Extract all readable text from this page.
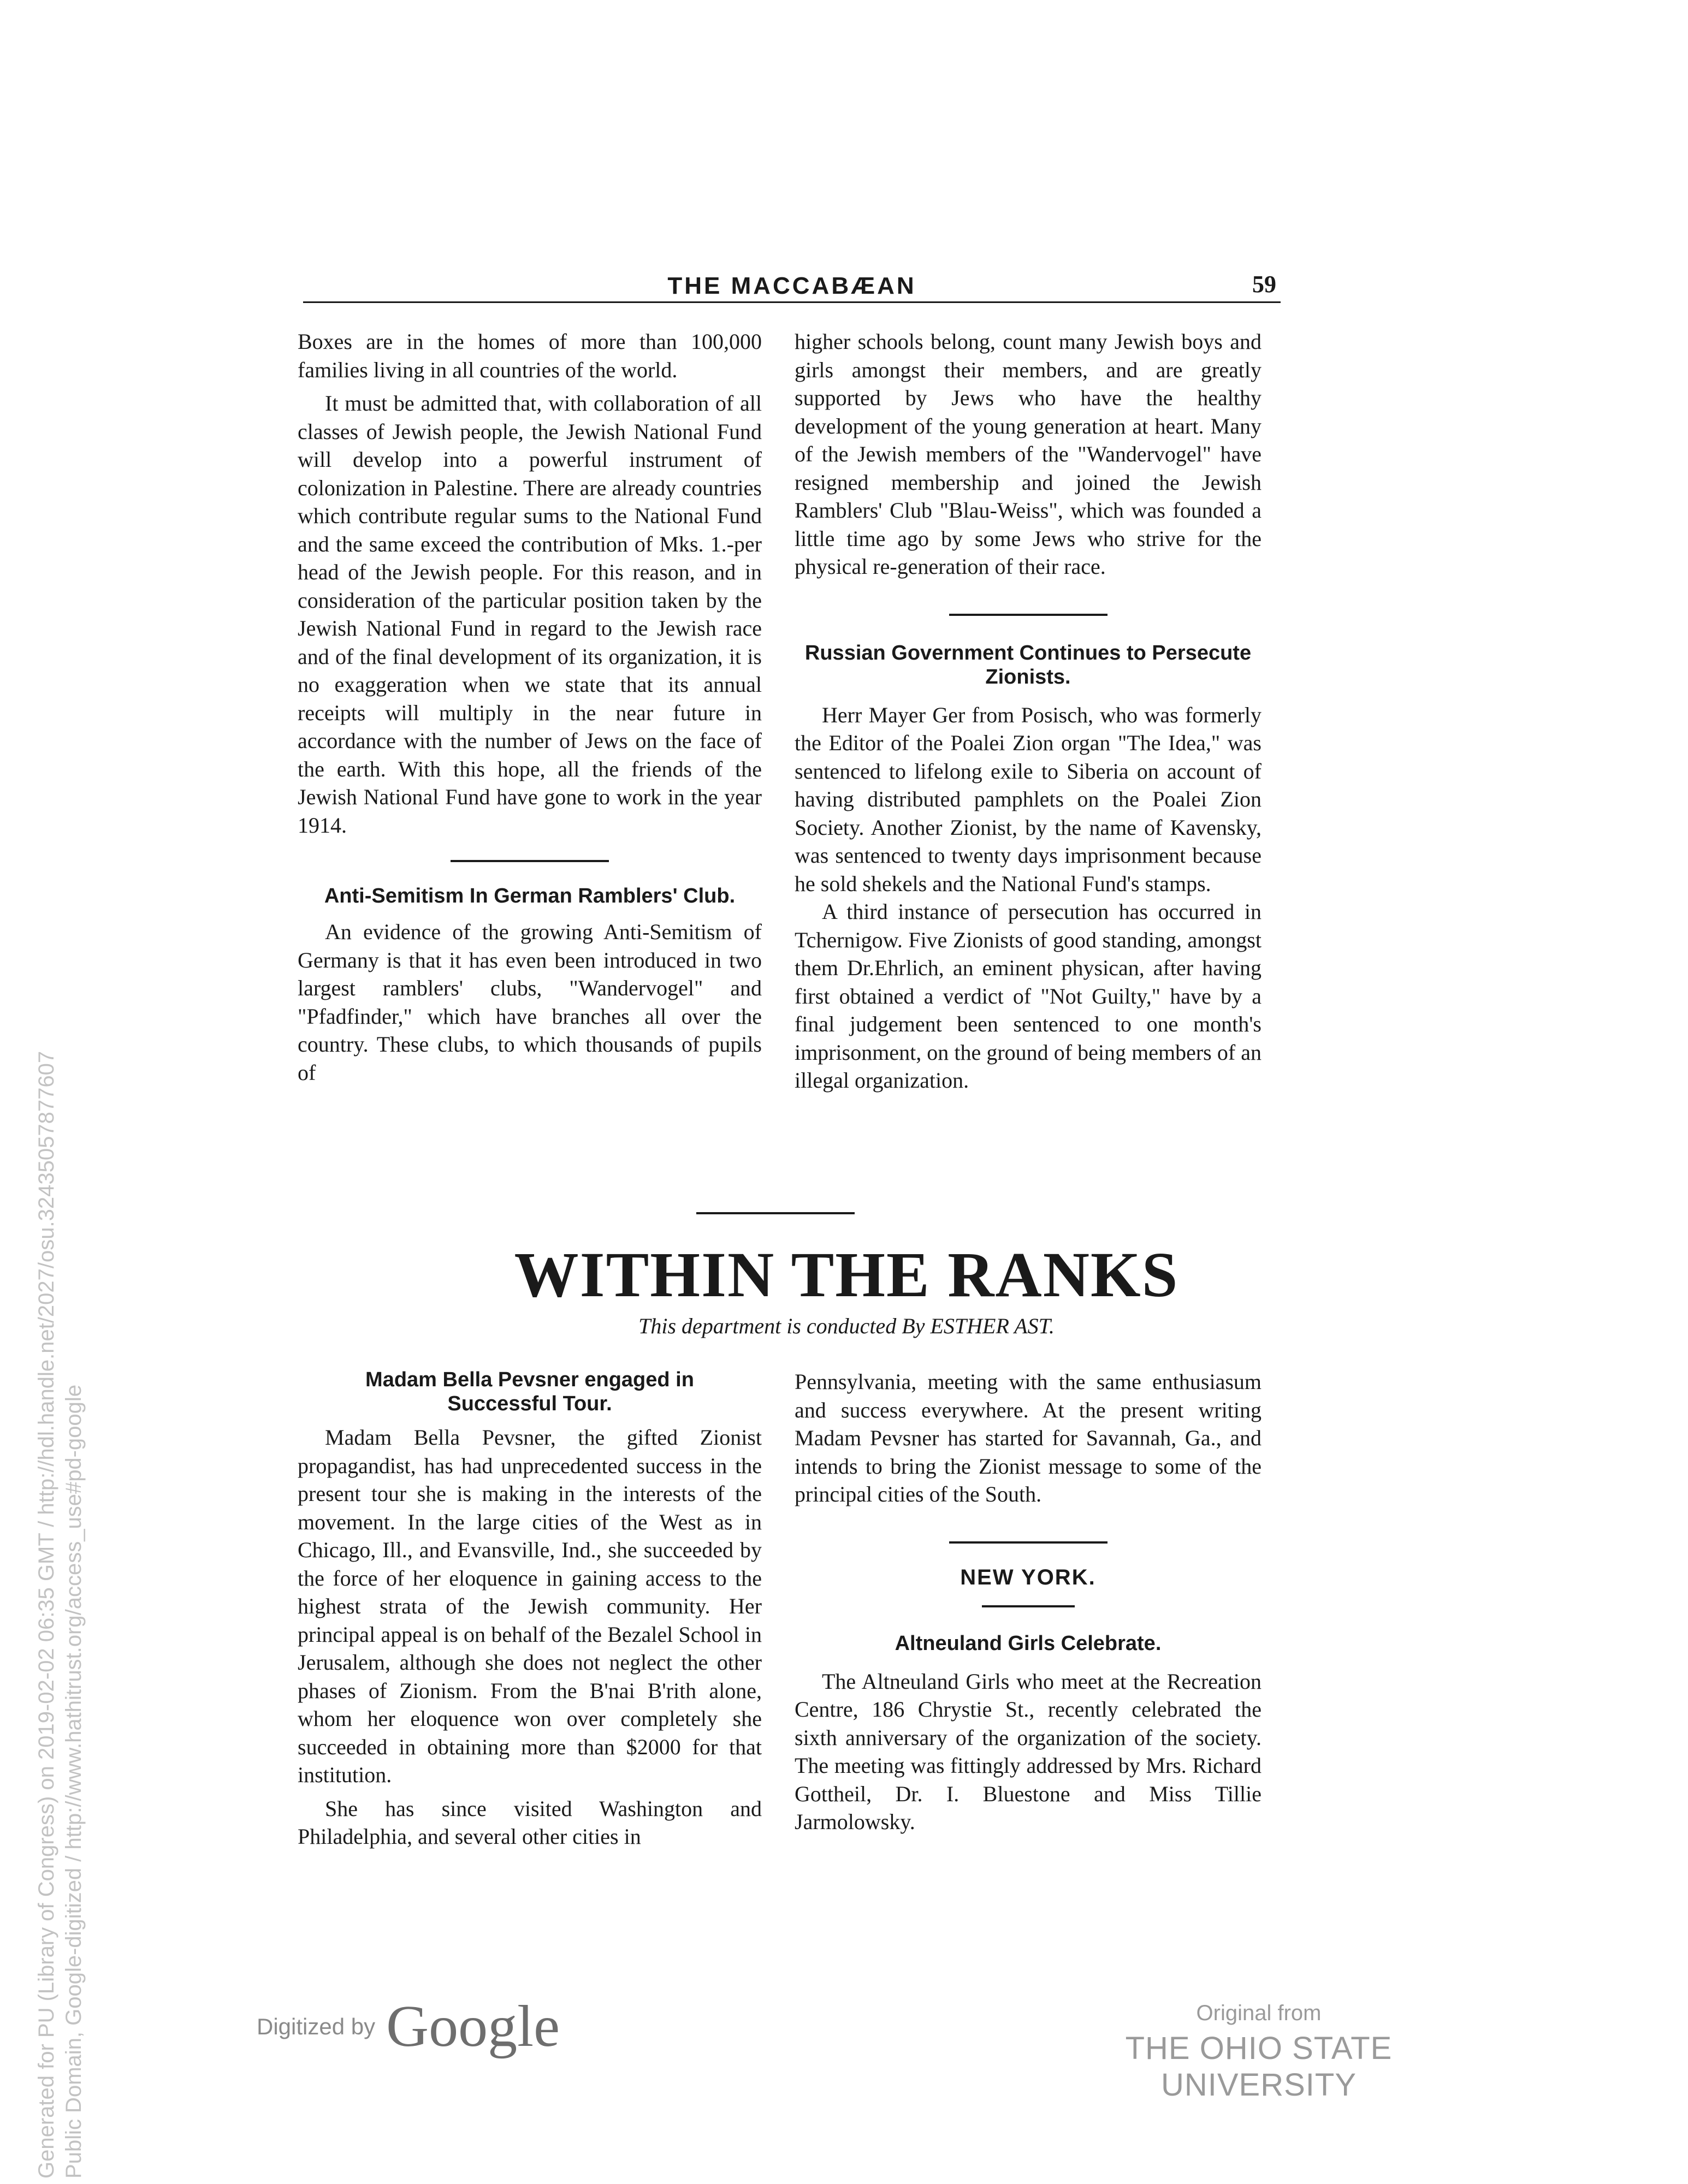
THE MACCABÆAN	59

Boxes are in the homes of more than 100,000 families living in all countries of the world.

It must be admitted that, with collaboration of all classes of Jewish people, the Jewish National Fund will develop into a powerful instrument of colonization in Palestine. There are already countries which contribute regular sums to the National Fund and the same exceed the contribution of Mks. 1.-per head of the Jewish people. For this reason, and in consideration of the particular position taken by the Jewish National Fund in regard to the Jewish race and of the final development of its organization, it is no exaggeration when we state that its annual receipts will multiply in the near future in accordance with the number of Jews on the face of the earth. With this hope, all the friends of the Jewish National Fund have gone to work in the year 1914.

Anti-Semitism In German Ramblers' Club.

An evidence of the growing Anti-Semitism of Germany is that it has even been introduced in two largest ramblers' clubs, "Wandervogel" and "Pfadfinder," which have branches all over the country. These clubs, to which thousands of pupils of

higher schools belong, count many Jewish boys and girls amongst their members, and are greatly supported by Jews who have the healthy development of the young generation at heart. Many of the Jewish members of the "Wandervogel" have resigned membership and joined the Jewish Ramblers' Club "Blau-Weiss", which was founded a little time ago by some Jews who strive for the physical re-generation of their race.

Russian Government Continues to Persecute Zionists.

Herr Mayer Ger from Posisch, who was formerly the Editor of the Poalei Zion organ "The Idea," was sentenced to lifelong exile to Siberia on account of having distributed pamphlets on the Poalei Zion Society. Another Zionist, by the name of Kavensky, was sentenced to twenty days imprisonment because he sold shekels and the National Fund's stamps.

A third instance of persecution has occurred in Tchernigow. Five Zionists of good standing, amongst them Dr.Ehrlich, an eminent physican, after having first obtained a verdict of "Not Guilty," have by a final judgement been sentenced to one month's imprisonment, on the ground of being members of an illegal organization.

WITHIN THE RANKS
This department is conducted By ESTHER AST.
Madam Bella Pevsner engaged in Successful Tour.

Madam Bella Pevsner, the gifted Zionist propagandist, has had unprecedented success in the present tour she is making in the interests of the movement. In the large cities of the West as in Chicago, Ill., and Evansville, Ind., she succeeded by the force of her eloquence in gaining access to the highest strata of the Jewish community. Her principal appeal is on behalf of the Bezalel School in Jerusalem, although she does not neglect the other phases of Zionism. From the B'nai B'rith alone, whom her eloquence won over completely she succeeded in obtaining more than $2000 for that institution.

She has since visited Washington and Philadelphia, and several other cities in

Pennsylvania, meeting with the same enthusiasum and success everywhere. At the present writing Madam Pevsner has started for Savannah, Ga., and intends to bring the Zionist message to some of the principal cities of the South.

NEW YORK.
Altneuland Girls Celebrate.

The Altneuland Girls who meet at the Recreation Centre, 186 Chrystie St., recently celebrated the sixth anniversary of the organization of the society. The meeting was fittingly addressed by Mrs. Richard Gottheil, Dr. I. Bluestone and Miss Tillie Jarmolowsky.

Digitized by Google	Original from
THE OHIO STATE UNIVERSITY
Generated for PU (Library of Congress) on 2019-02-02 06:35 GMT / http://hdl.handle.net/2027/osu.32435057877607 Public Domain, Google-digitized / http://www.hathitrust.org/access_use#pd-google
